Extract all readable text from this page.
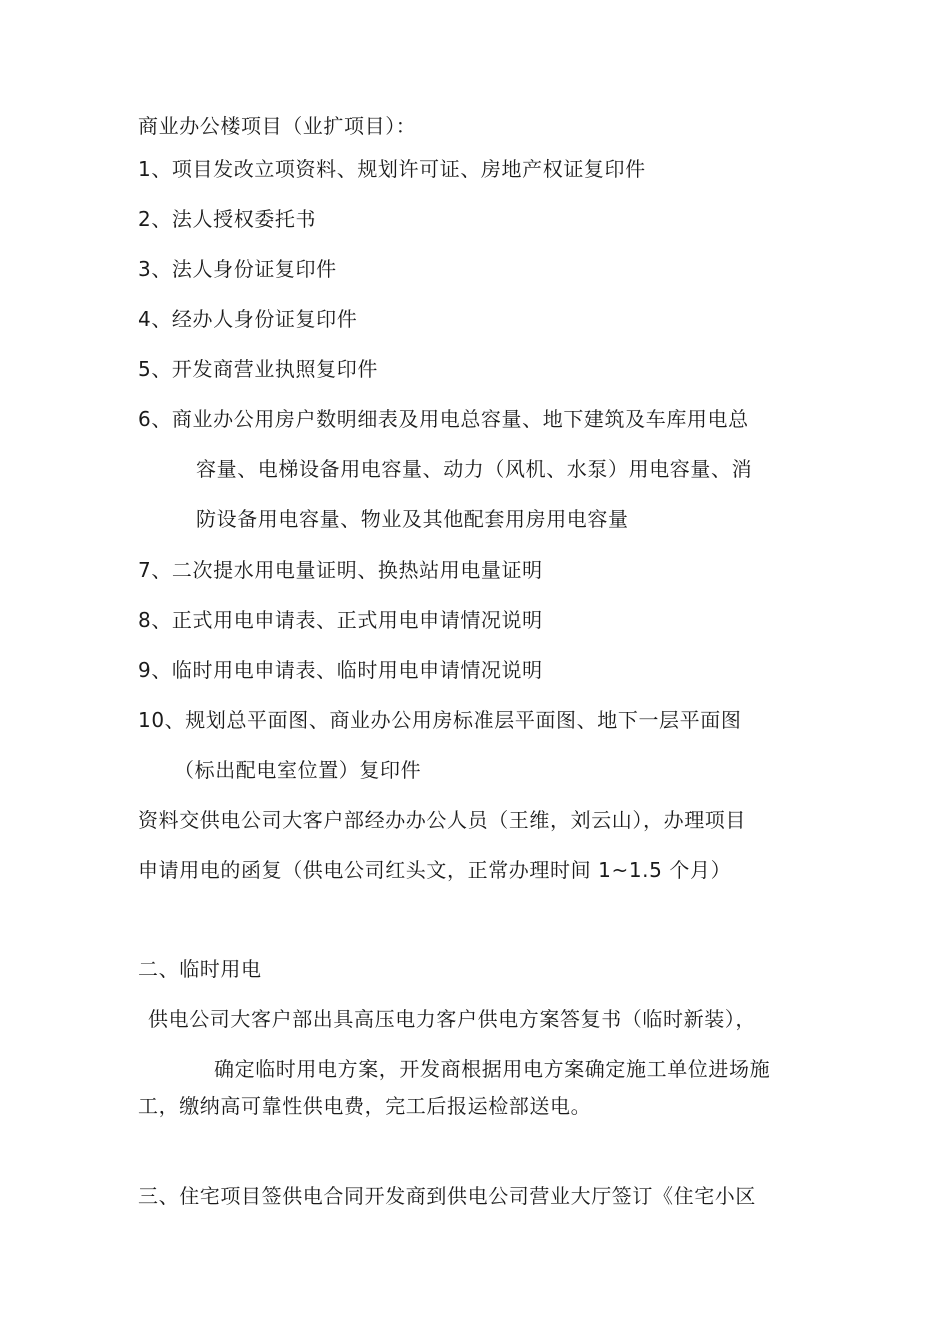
商业办公楼项目（业扩项目）：
1、项目发改立项资料、规划许可证、房地产权证复印件
2、法人授权委托书
3、法人身份证复印件
4、经办人身份证复印件
5、开发商营业执照复印件
6、商业办公用房户数明细表及用电总容量、地下建筑及车库用电总
容量、电梯设备用电容量、动力（风机、水泵）用电容量、消
防设备用电容量、物业及其他配套用房用电容量
7、二次提水用电量证明、换热站用电量证明
8、正式用电申请表、正式用电申请情况说明
9、临时用电申请表、临时用电申请情况说明
10、规划总平面图、商业办公用房标准层平面图、地下一层平面图
（标出配电室位置）复印件
资料交供电公司大客户部经办办公人员（王维，刘云山），办理项目
申请用电的函复（供电公司红头文，正常办理时间 1~1.5 个月）
二、临时用电
供电公司大客户部出具高压电力客户供电方案答复书（临时新装），
确定临时用电方案，开发商根据用电方案确定施工单位进场施
工，缴纳高可靠性供电费，完工后报运检部送电。
三、住宅项目签供电合同开发商到供电公司营业大厅签订《住宅小区
